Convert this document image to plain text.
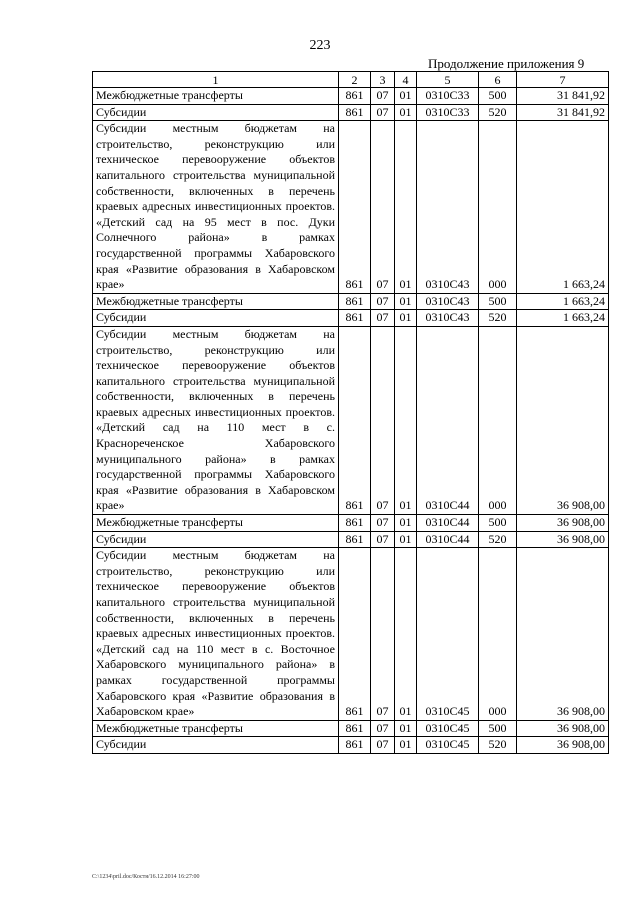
223
Продолжение приложения 9
1	2	3	4	5	6	7
Межбюджетные трансферты	861	07	01	0310С33	500	31 841,92
Субсидии	861	07	01	0310С33	520	31 841,92
Субсидии местным бюджетам на строительство, реконструкцию или техническое перевооружение объектов капитального строительства муниципальной собственности, включенных в перечень краевых адресных инвестиционных проектов. «Детский сад на 95 мест в пос. Дуки Солнечного района» в рамках государственной программы Хабаровского края «Развитие образования в Хабаровском крае»	861	07	01	0310С43	000	1 663,24
Межбюджетные трансферты	861	07	01	0310С43	500	1 663,24
Субсидии	861	07	01	0310С43	520	1 663,24
Субсидии местным бюджетам на строительство, реконструкцию или техническое перевооружение объектов капитального строительства муниципальной собственности, включенных в перечень краевых адресных инвестиционных проектов. «Детский сад на 110 мест в с. Красноречeнское Хабаровского муниципального района» в рамках государственной программы Хабаровского края «Развитие образования в Хабаровском крае»	861	07	01	0310С44	000	36 908,00
Межбюджетные трансферты	861	07	01	0310С44	500	36 908,00
Субсидии	861	07	01	0310С44	520	36 908,00
Субсидии местным бюджетам на строительство, реконструкцию или техническое перевооружение объектов капитального строительства муниципальной собственности, включенных в перечень краевых адресных инвестиционных проектов. «Детский сад на 110 мест в с. Восточное Хабаровского муниципального района» в рамках государственной программы Хабаровского края «Развитие образования в Хабаровском крае»	861	07	01	0310С45	000	36 908,00
Межбюджетные трансферты	861	07	01	0310С45	500	36 908,00
Субсидии	861	07	01	0310С45	520	36 908,00
C:\1234\pril.doc/Костя/16.12.2014 16:27:00
